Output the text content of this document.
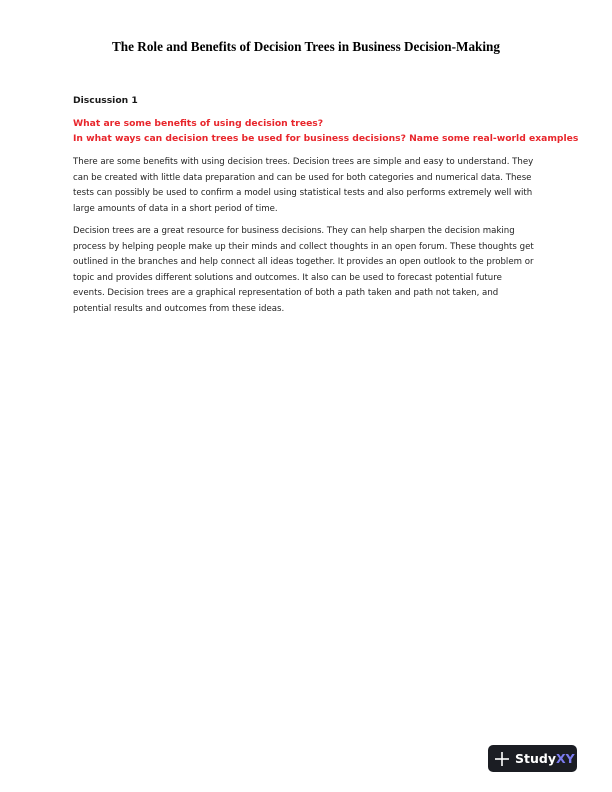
The Role and Benefits of Decision Trees in Business Decision-Making
Discussion 1
What are some benefits of using decision trees?
In what ways can decision trees be used for business decisions? Name some real-world examples

There are some benefits with using decision trees. Decision trees are simple and easy to understand. They
can be created with little data preparation and can be used for both categories and numerical data. These
tests can possibly be used to confirm a model using statistical tests and also performs extremely well with
large amounts of data in a short period of time.

Decision trees are a great resource for business decisions. They can help sharpen the decision making
process by helping people make up their minds and collect thoughts in an open forum. These thoughts get
outlined in the branches and help connect all ideas together. It provides an open outlook to the problem or
topic and provides different solutions and outcomes. It also can be used to forecast potential future
events. Decision trees are a graphical representation of both a path taken and path not taken, and
potential results and outcomes from these ideas.

Study XY
